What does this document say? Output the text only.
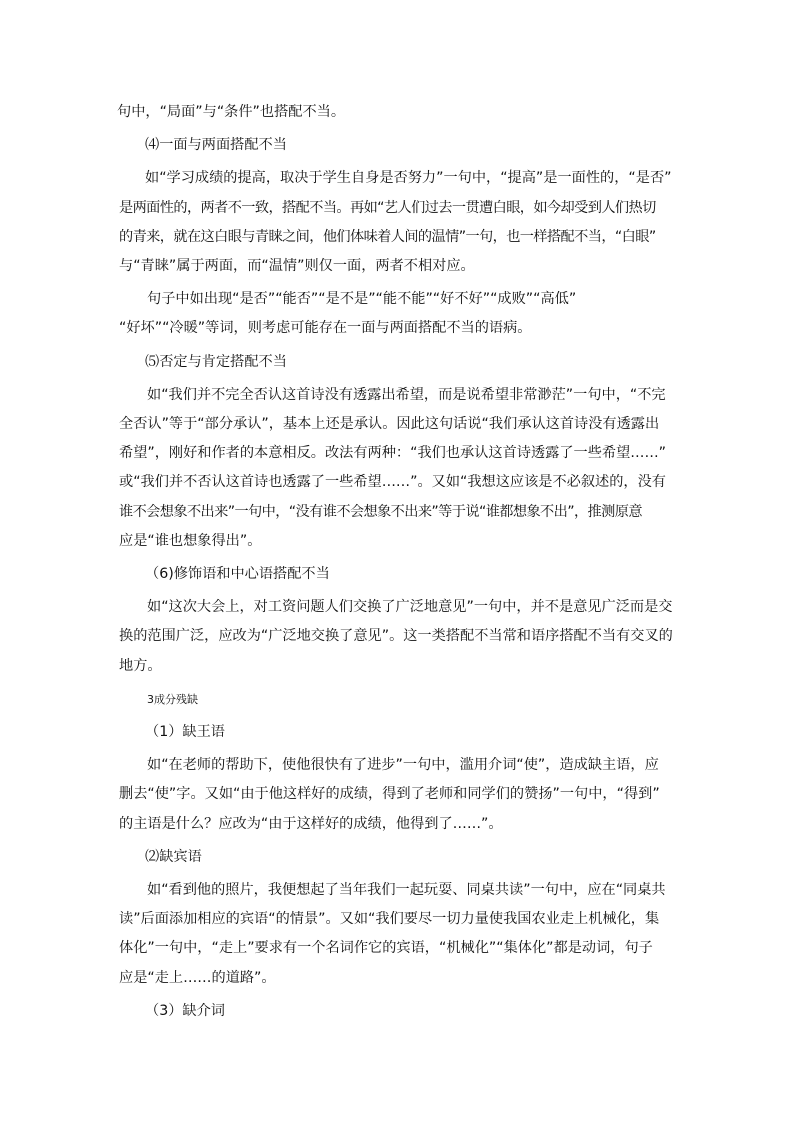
句中，“局面”与“条件”也搭配不当。

⑷一面与两面搭配不当

如“学习成绩的提高，取决于学生自身是否努力”一句中，“提高”是一面性的，“是否”

是两面性的，两者不一致，搭配不当。再如“艺人们过去一贯遭白眼，如今却受到人们热切

的青来，就在这白眼与青睐之间，他们体味着人间的温情”一句，也一样搭配不当，“白眼”

与“青睐”属于两面，而“温情”则仅一面，两者不相对应。

句子中如出现“是否”“能否”“是不是”“能不能”“好不好”“成败”“高低”

“好坏”“冷暖”等词，则考虑可能存在一面与两面搭配不当的语病。

⑸否定与肯定搭配不当

如“我们并不完全否认这首诗没有透露出希望，而是说希望非常渺茫”一句中，“不完

全否认”等于“部分承认”，基本上还是承认。因此这句话说“我们承认这首诗没有透露出

希望”，刚好和作者的本意相反。改法有两种：“我们也承认这首诗透露了一些希望……”

或“我们并不否认这首诗也透露了一些希望……”。又如“我想这应该是不必叙述的，没有

谁不会想象不出来”一句中，“没有谁不会想象不出来”等于说“谁都想象不出”，推测原意

应是“谁也想象得出”。

（6)修饰语和中心语搭配不当

如“这次大会上，对工资问题人们交换了广泛地意见”一句中，并不是意见广泛而是交

换的范围广泛，应改为“广泛地交换了意见”。这一类搭配不当常和语序搭配不当有交叉的

地方。

3成分残缺

（1）缺王语

如“在老师的帮助下，使他很快有了进步”一句中，滥用介词“使”，造成缺主语，应

删去“使”字。又如“由于他这样好的成绩，得到了老师和同学们的赞扬”一句中，“得到”

的主语是什么？应改为“由于这样好的成绩，他得到了……”。

⑵缺宾语

如“看到他的照片，我便想起了当年我们一起玩耍、同桌共读”一句中，应在“同桌共

读”后面添加相应的宾语“的情景”。又如“我们要尽一切力量使我国农业走上机械化，集

体化”一句中，“走上”要求有一个名词作它的宾语，“机械化”“集体化”都是动词，句子

应是“走上……的道路”。

（3）缺介词
